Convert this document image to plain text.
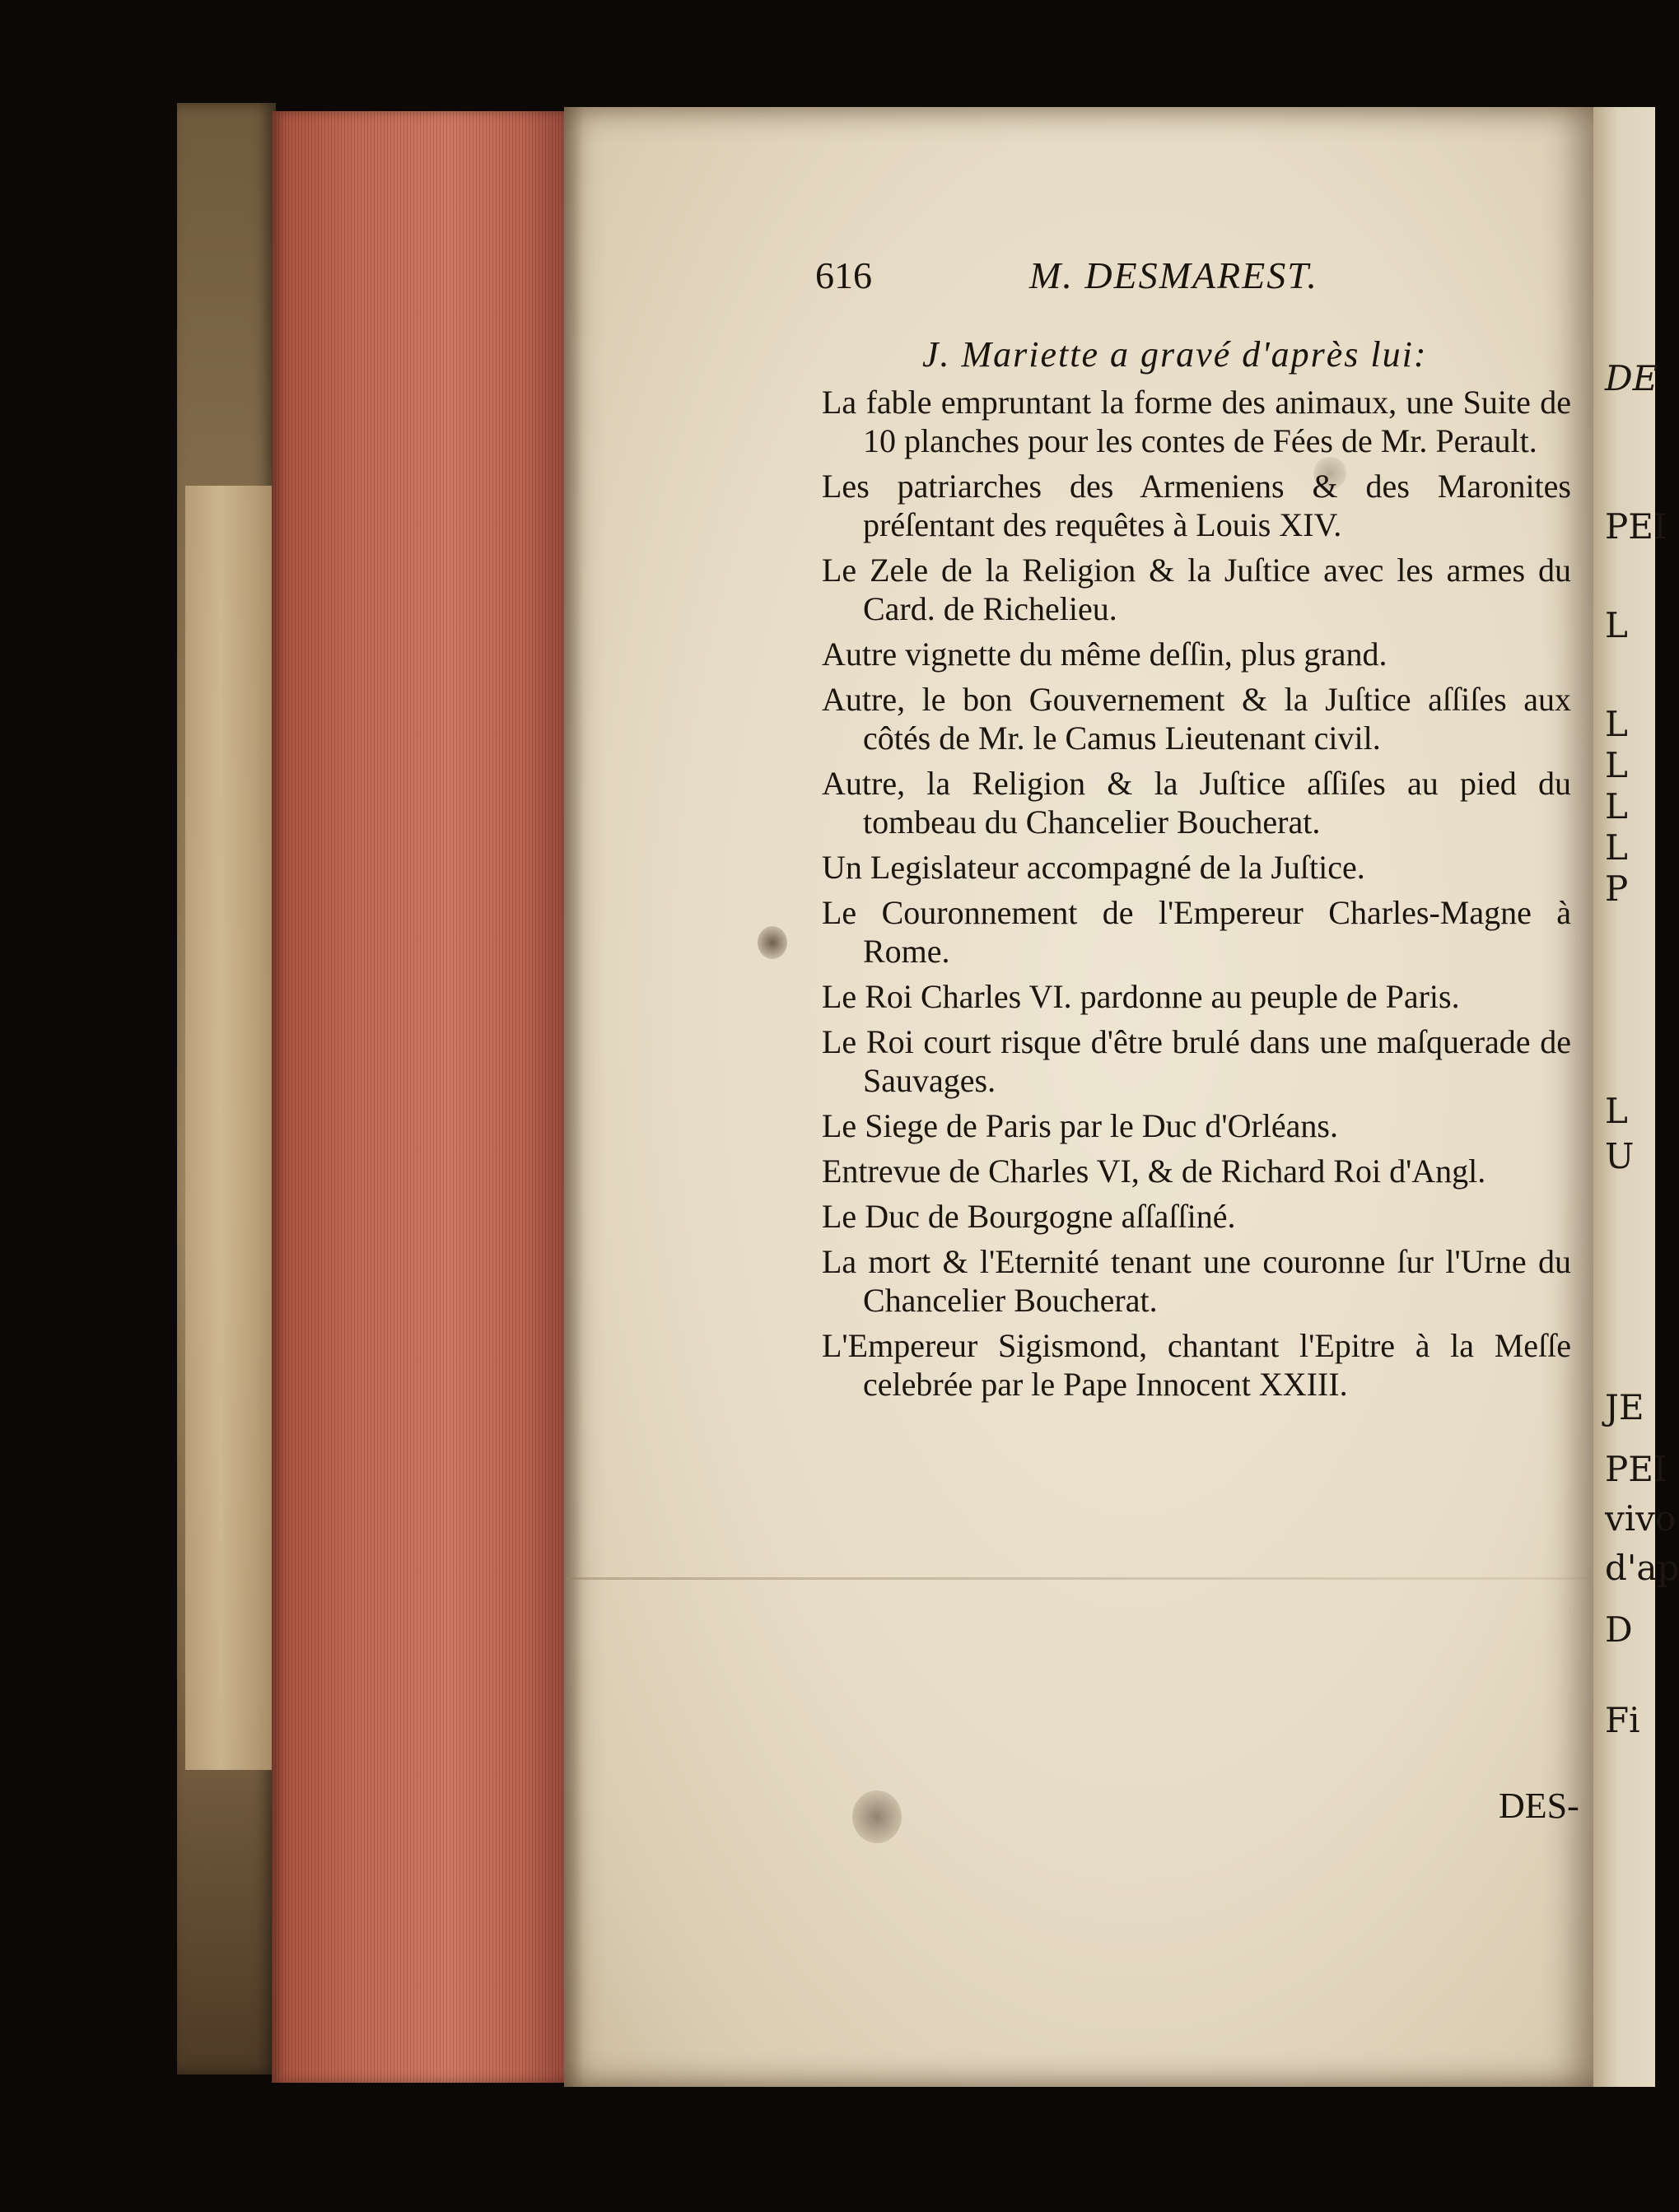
DE
PEI
L
L
L
L
L
P
L
U
JE
PEI
vivo
d'ap
D
Fi
616	M. DESMAREST.
J. Mariette a gravé d'après lui:
La fable empruntant la forme des animaux, une Suite de 10 planches pour les contes de Fées de Mr. Perault.
Les patriarches des Armeniens & des Maronites préſentant des requêtes à Louis XIV.
Le Zele de la Religion & la Juſtice avec les armes du Card. de Richelieu.
Autre vignette du même deſſin, plus grand.
Autre, le bon Gouvernement & la Juſtice aſſiſes aux côtés de Mr. le Camus Lieutenant civil.
Autre, la Religion & la Juſtice aſſiſes au pied du tombeau du Chancelier Boucherat.
Un Legislateur accompagné de la Juſtice.
Le Couronnement de l'Empereur Charles-Magne à Rome.
Le Roi Charles VI. pardonne au peuple de Paris.
Le Roi court risque d'être brulé dans une maſquerade de Sauvages.
Le Siege de Paris par le Duc d'Orléans.
Entrevue de Charles VI, & de Richard Roi d'Angl.
Le Duc de Bourgogne aſſaſſiné.
La mort & l'Eternité tenant une couronne ſur l'Urne du Chancelier Boucherat.
L'Empereur Sigismond, chantant l'Epitre à la Meſſe celebrée par le Pape Innocent XXIII.
DES-
